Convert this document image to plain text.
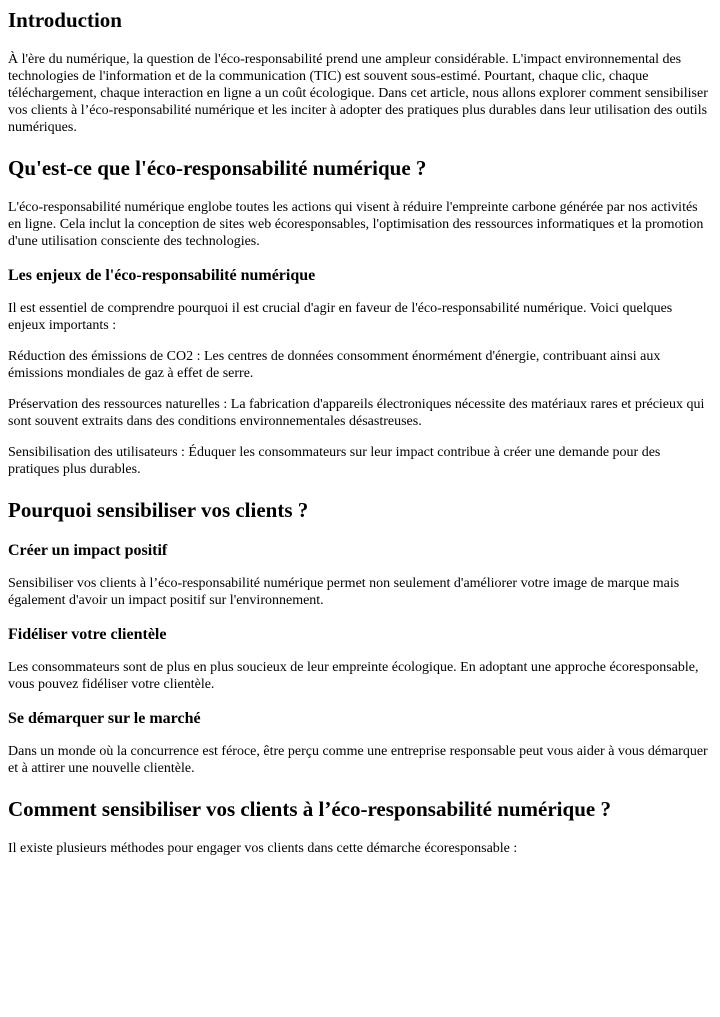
Introduction

À l'ère du numérique, la question de l'éco-responsabilité prend une ampleur considérable. L'impact environnemental des technologies de l'information et de la communication (TIC) est souvent sous-estimé. Pourtant, chaque clic, chaque téléchargement, chaque interaction en ligne a un coût écologique. Dans cet article, nous allons explorer comment sensibiliser vos clients à l’éco-responsabilité numérique et les inciter à adopter des pratiques plus durables dans leur utilisation des outils numériques.

Qu'est-ce que l'éco-responsabilité numérique ?

L'éco-responsabilité numérique englobe toutes les actions qui visent à réduire l'empreinte carbone générée par nos activités en ligne. Cela inclut la conception de sites web écoresponsables, l'optimisation des ressources informatiques et la promotion d'une utilisation consciente des technologies.

Les enjeux de l'éco-responsabilité numérique

Il est essentiel de comprendre pourquoi il est crucial d'agir en faveur de l'éco-responsabilité numérique. Voici quelques enjeux importants :

Réduction des émissions de CO2 : Les centres de données consomment énormément d'énergie, contribuant ainsi aux émissions mondiales de gaz à effet de serre.

Préservation des ressources naturelles : La fabrication d'appareils électroniques nécessite des matériaux rares et précieux qui sont souvent extraits dans des conditions environnementales désastreuses.

Sensibilisation des utilisateurs : Éduquer les consommateurs sur leur impact contribue à créer une demande pour des pratiques plus durables.

Pourquoi sensibiliser vos clients ?
Créer un impact positif

Sensibiliser vos clients à l’éco-responsabilité numérique permet non seulement d'améliorer votre image de marque mais également d'avoir un impact positif sur l'environnement.

Fidéliser votre clientèle

Les consommateurs sont de plus en plus soucieux de leur empreinte écologique. En adoptant une approche écoresponsable, vous pouvez fidéliser votre clientèle.

Se démarquer sur le marché

Dans un monde où la concurrence est féroce, être perçu comme une entreprise responsable peut vous aider à vous démarquer et à attirer une nouvelle clientèle.

Comment sensibiliser vos clients à l’éco-responsabilité numérique ?

Il existe plusieurs méthodes pour engager vos clients dans cette démarche écoresponsable :
